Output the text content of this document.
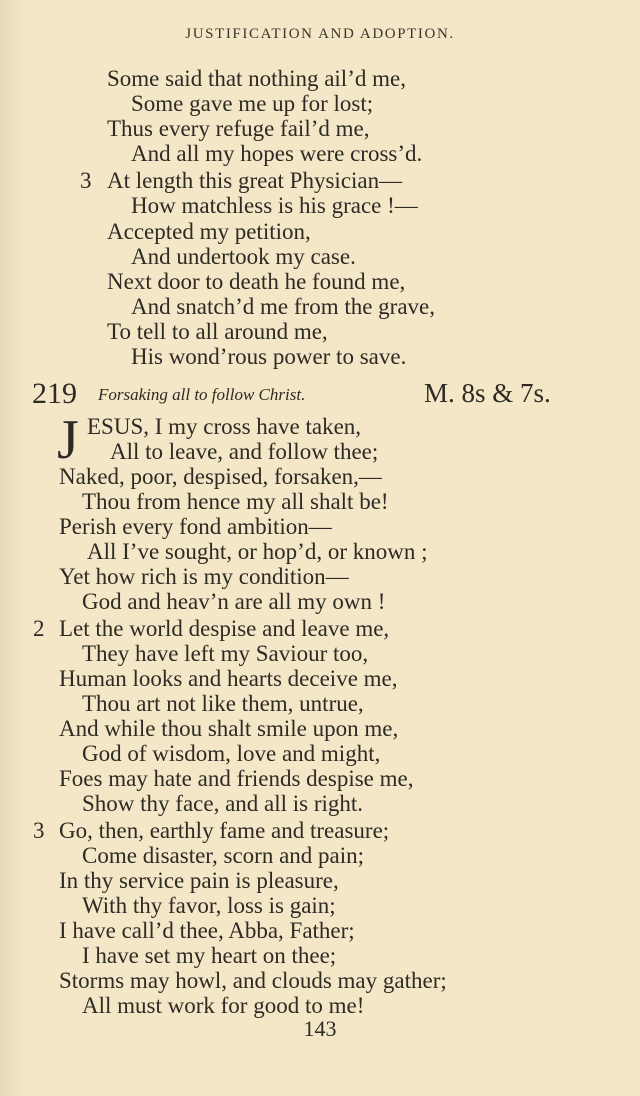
JUSTIFICATION AND ADOPTION.
Some said that nothing ail’d me,
Some gave me up for lost;
Thus every refuge fail’d me,
And all my hopes were cross’d.
3 At length this great Physician—
How matchless is his grace !—
Accepted my petition,
And undertook my case.
Next door to death he found me,
And snatch’d me from the grave,
To tell to all around me,
His wond’rous power to save.
219 Forsaking all to follow Christ.	M. 8s & 7s.
J ESUS, I my cross have taken,
All to leave, and follow thee;
Naked, poor, despised, forsaken,—
Thou from hence my all shalt be!
Perish every fond ambition—
All I’ve sought, or hop’d, or known ;
Yet how rich is my condition—
God and heav’n are all my own !
2 Let the world despise and leave me,
They have left my Saviour too,
Human looks and hearts deceive me,
Thou art not like them, untrue,
And while thou shalt smile upon me,
God of wisdom, love and might,
Foes may hate and friends despise me,
Show thy face, and all is right.
3 Go, then, earthly fame and treasure;
Come disaster, scorn and pain;
In thy service pain is pleasure,
With thy favor, loss is gain;
I have call’d thee, Abba, Father;
I have set my heart on thee;
Storms may howl, and clouds may gather;
All must work for good to me!
143
